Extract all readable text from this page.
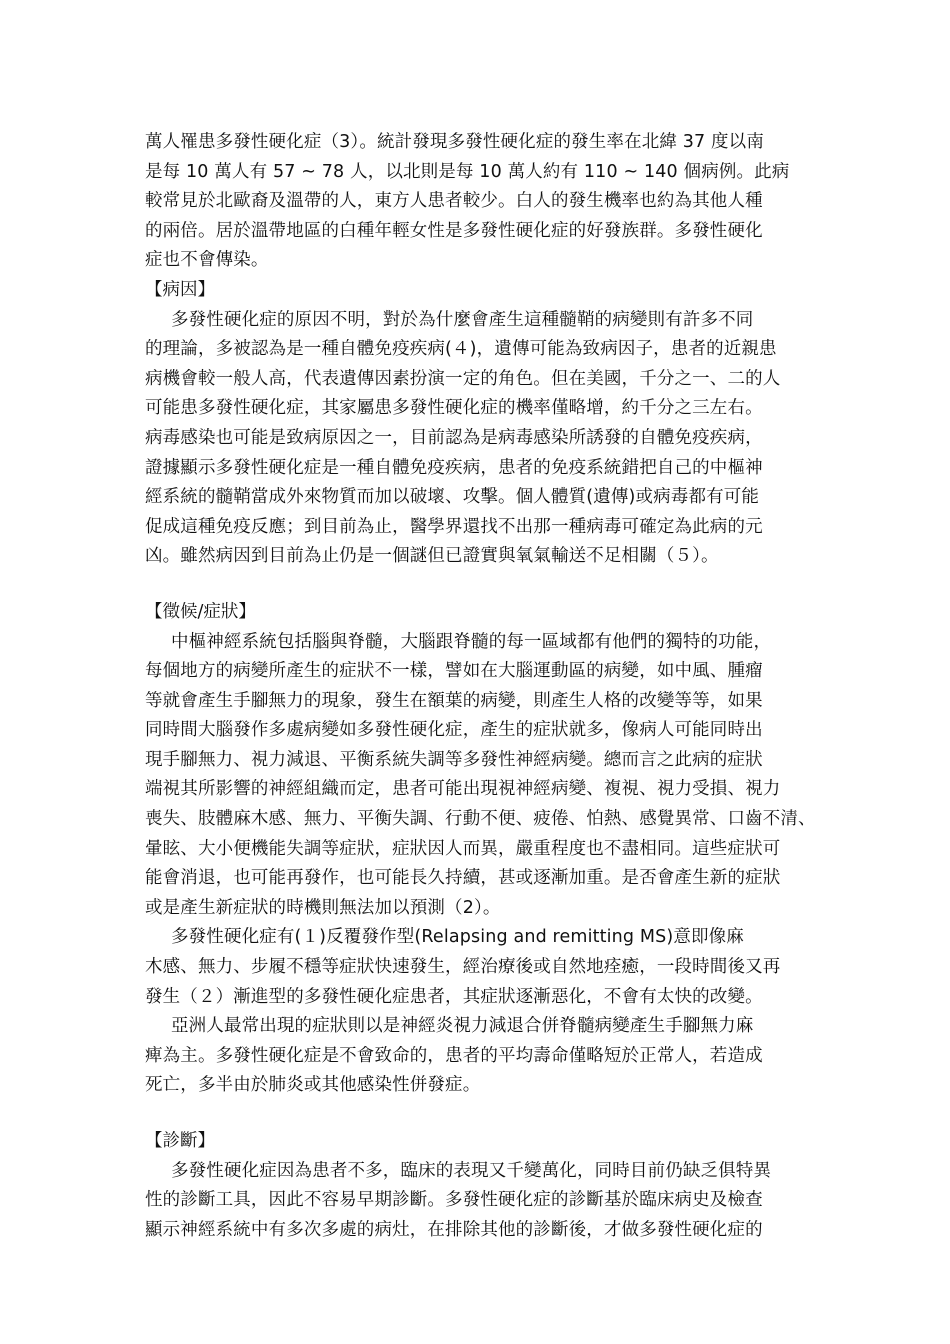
萬人罹患多發性硬化症（3）。統計發現多發性硬化症的發生率在北緯 37 度以南
是每 10 萬人有 57 ~ 78 人，以北則是每 10 萬人約有 110 ~ 140 個病例。此病
較常見於北歐裔及溫帶的人，東方人患者較少。白人的發生機率也約為其他人種
的兩倍。居於溫帶地區的白種年輕女性是多發性硬化症的好發族群。多發性硬化
症也不會傳染。
【病因】
多發性硬化症的原因不明，對於為什麼會產生這種髓鞘的病變則有許多不同
的理論，多被認為是一種自體免疫疾病(４)，遺傳可能為致病因子，患者的近親患
病機會較一般人高，代表遺傳因素扮演一定的角色。但在美國，千分之一、二的人
可能患多發性硬化症，其家屬患多發性硬化症的機率僅略增，約千分之三左右。
病毒感染也可能是致病原因之一，目前認為是病毒感染所誘發的自體免疫疾病，
證據顯示多發性硬化症是一種自體免疫疾病，患者的免疫系統錯把自己的中樞神
經系統的髓鞘當成外來物質而加以破壞、攻擊。個人體質(遺傳)或病毒都有可能
促成這種免疫反應；到目前為止，醫學界還找不出那一種病毒可確定為此病的元
凶。雖然病因到目前為止仍是一個謎但已證實與氧氣輸送不足相關（５）。
【徵候/症狀】
中樞神經系統包括腦與脊髓，大腦跟脊髓的每一區域都有他們的獨特的功能，
每個地方的病變所產生的症狀不一樣，譬如在大腦運動區的病變，如中風、腫瘤
等就會產生手腳無力的現象，發生在額葉的病變，則產生人格的改變等等，如果
同時間大腦發作多處病變如多發性硬化症，產生的症狀就多，像病人可能同時出
現手腳無力、視力減退、平衡系統失調等多發性神經病變。總而言之此病的症狀
端視其所影響的神經組織而定，患者可能出現視神經病變、複視、視力受損、視力
喪失、肢體麻木感、無力、平衡失調、行動不便、疲倦、怕熱、感覺異常、口齒不清、
暈眩、大小便機能失調等症狀，症狀因人而異，嚴重程度也不盡相同。這些症狀可
能會消退，也可能再發作，也可能長久持續，甚或逐漸加重。是否會產生新的症狀
或是產生新症狀的時機則無法加以預測（2）。
多發性硬化症有(１)反覆發作型(Relapsing and remitting MS)意即像麻
木感、無力、步履不穩等症狀快速發生，經治療後或自然地痊癒，一段時間後又再
發生（２）漸進型的多發性硬化症患者，其症狀逐漸惡化，不會有太快的改變。
亞洲人最常出現的症狀則以是神經炎視力減退合併脊髓病變產生手腳無力麻
痺為主。多發性硬化症是不會致命的，患者的平均壽命僅略短於正常人，若造成
死亡，多半由於肺炎或其他感染性併發症。
【診斷】
多發性硬化症因為患者不多，臨床的表現又千變萬化，同時目前仍缺乏俱特異
性的診斷工具，因此不容易早期診斷。多發性硬化症的診斷基於臨床病史及檢查
顯示神經系統中有多次多處的病灶，在排除其他的診斷後，才做多發性硬化症的
